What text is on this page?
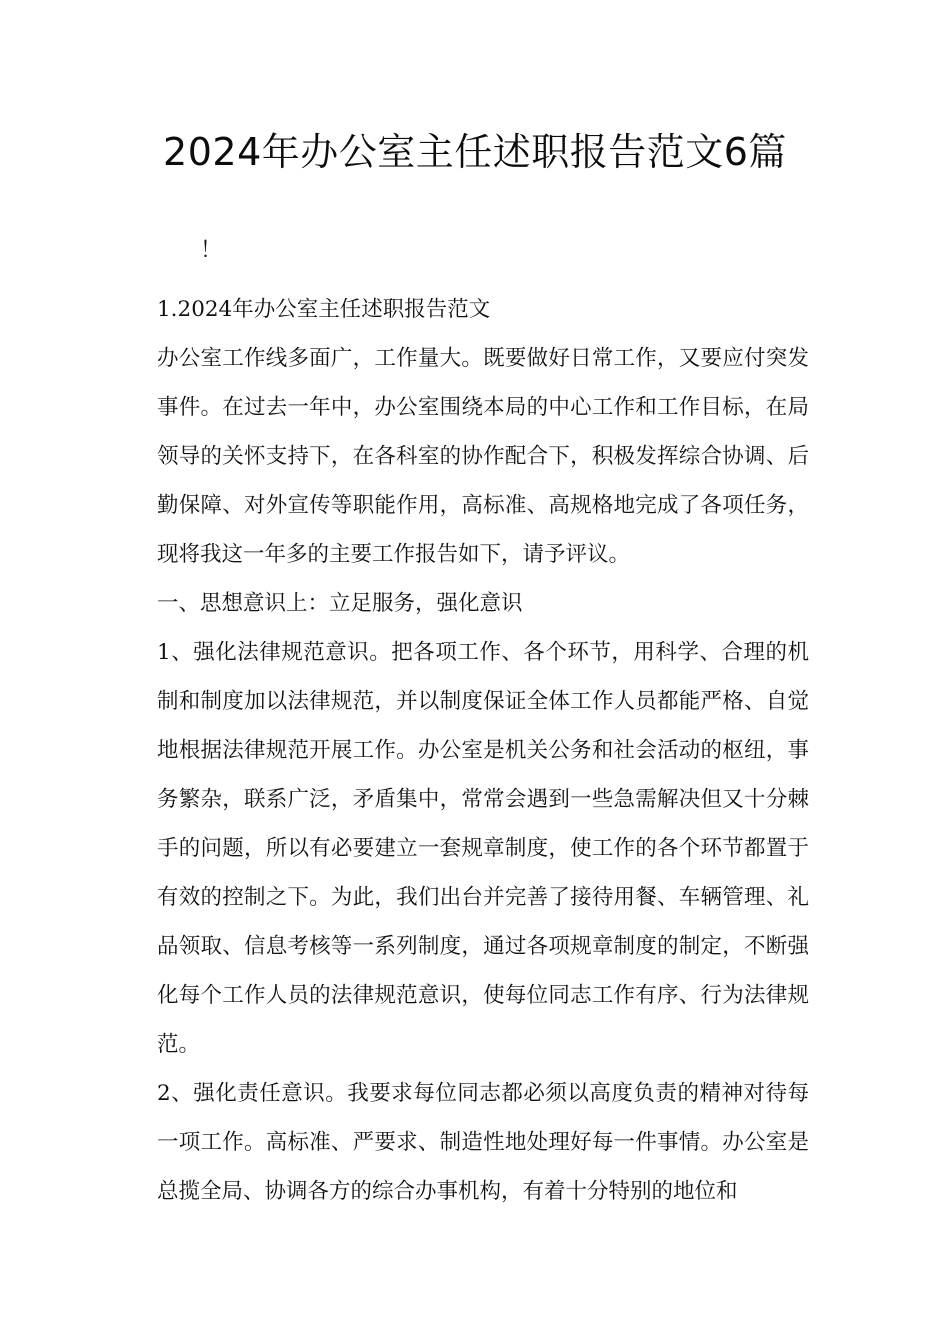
2024年办公室主任述职报告范文6篇
！

1.2024年办公室主任述职报告范文

办公室工作线多面广，工作量大。既要做好日常工作，又要应付突发事件。在过去一年中，办公室围绕本局的中心工作和工作目标，在局领导的关怀支持下，在各科室的协作配合下，积极发挥综合协调、后勤保障、对外宣传等职能作用，高标准、高规格地完成了各项任务，现将我这一年多的主要工作报告如下，请予评议。

一、思想意识上：立足服务，强化意识

1、强化法律规范意识。把各项工作、各个环节，用科学、合理的机制和制度加以法律规范，并以制度保证全体工作人员都能严格、自觉地根据法律规范开展工作。办公室是机关公务和社会活动的枢纽，事务繁杂，联系广泛，矛盾集中，常常会遇到一些急需解决但又十分棘手的问题，所以有必要建立一套规章制度，使工作的各个环节都置于有效的控制之下。为此，我们出台并完善了接待用餐、车辆管理、礼品领取、信息考核等一系列制度，通过各项规章制度的制定，不断强化每个工作人员的法律规范意识，使每位同志工作有序、行为法律规范。

2、强化责任意识。我要求每位同志都必须以高度负责的精神对待每一项工作。高标准、严要求、制造性地处理好每一件事情。办公室是总揽全局、协调各方的综合办事机构，有着十分特别的地位和
